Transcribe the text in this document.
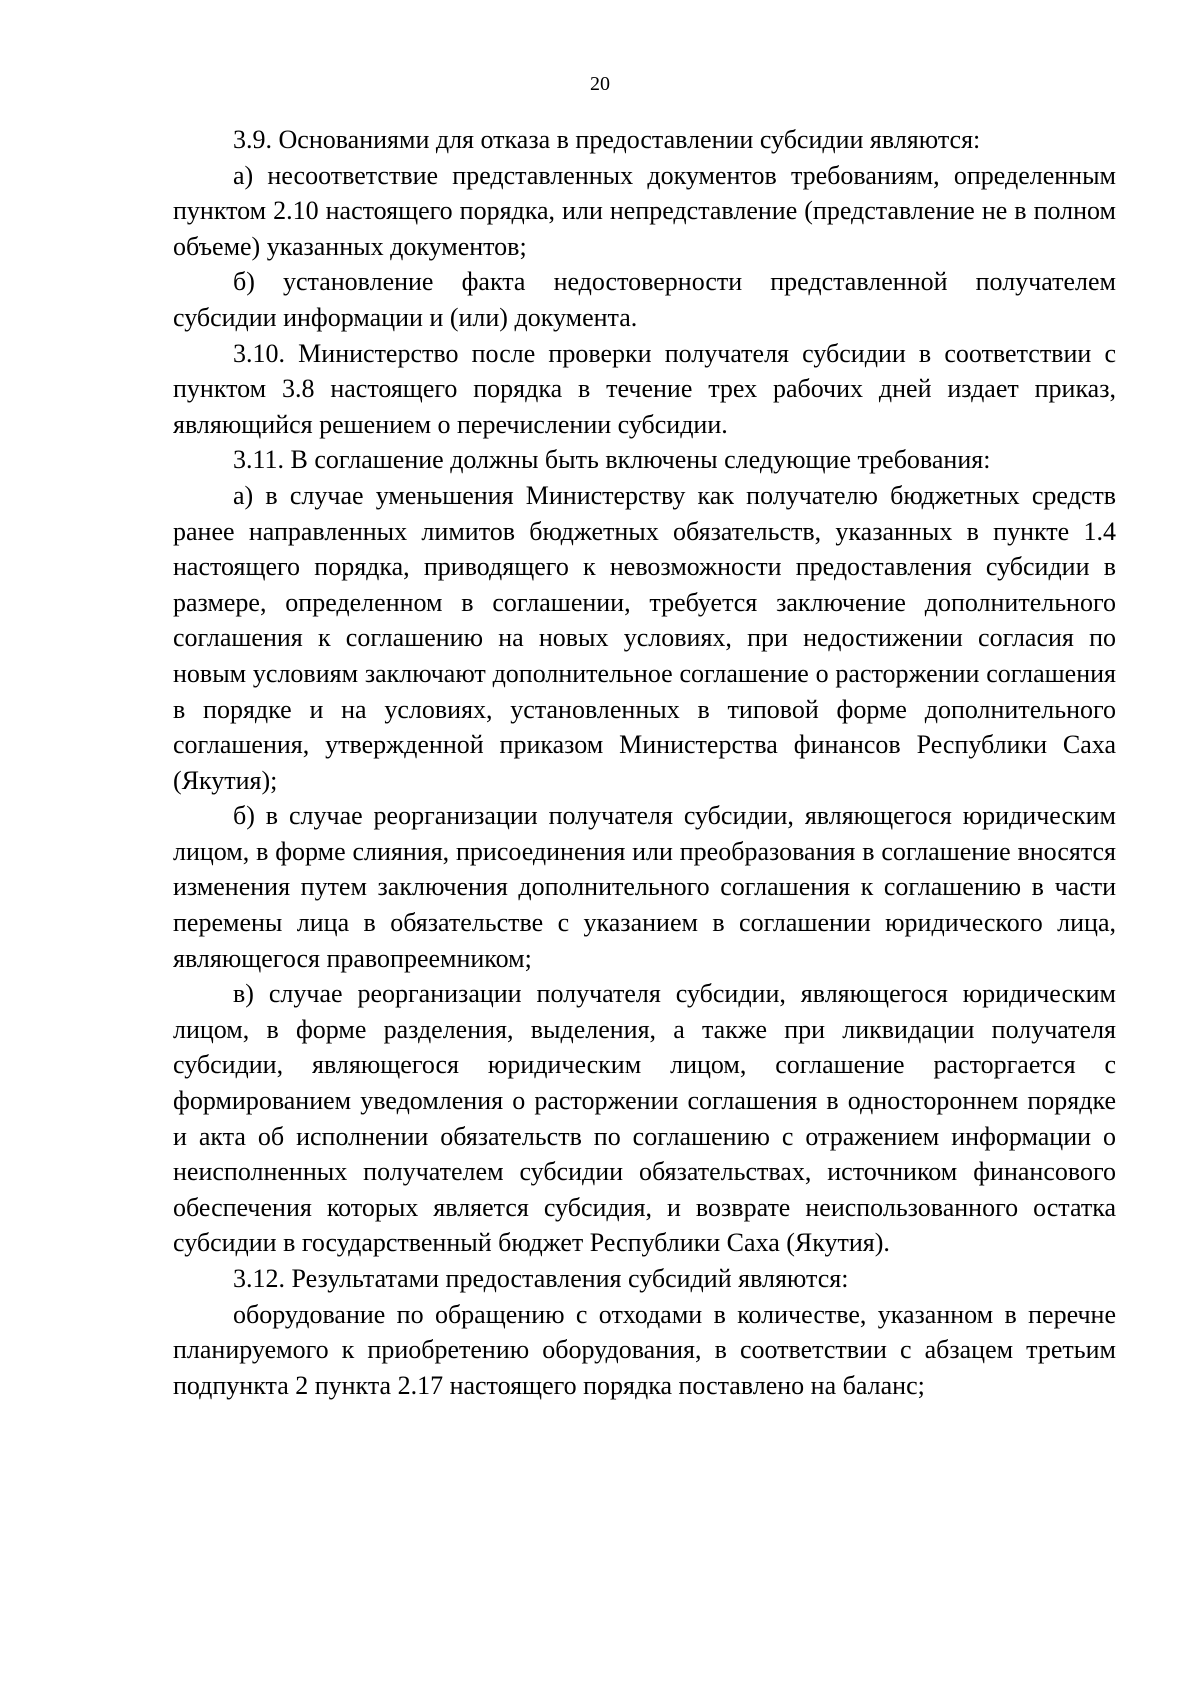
20

3.9. Основаниями для отказа в предоставлении субсидии являются:

а) несоответствие представленных документов требованиям, определенным пунктом 2.10 настоящего порядка, или непредставление (представление не в полном объеме) указанных документов;

б) установление факта недостоверности представленной получателем субсидии информации и (или) документа.

3.10. Министерство после проверки получателя субсидии в соответствии с пунктом 3.8 настоящего порядка в течение трех рабочих дней издает приказ, являющийся решением о перечислении субсидии.

3.11. В соглашение должны быть включены следующие требования:

а) в случае уменьшения Министерству как получателю бюджетных средств ранее направленных лимитов бюджетных обязательств, указанных в пункте 1.4 настоящего порядка, приводящего к невозможности предоставления субсидии в размере, определенном в соглашении, требуется заключение дополнительного соглашения к соглашению на новых условиях, при недостижении согласия по новым условиям заключают дополнительное соглашение о расторжении соглашения в порядке и на условиях, установленных в типовой форме дополнительного соглашения, утвержденной приказом Министерства финансов Республики Саха (Якутия);

б) в случае реорганизации получателя субсидии, являющегося юридическим лицом, в форме слияния, присоединения или преобразования в соглашение вносятся изменения путем заключения дополнительного соглашения к соглашению в части перемены лица в обязательстве с указанием в соглашении юридического лица, являющегося правопреемником;

в) случае реорганизации получателя субсидии, являющегося юридическим лицом, в форме разделения, выделения, а также при ликвидации получателя субсидии, являющегося юридическим лицом, соглашение расторгается с формированием уведомления о расторжении соглашения в одностороннем порядке и акта об исполнении обязательств по соглашению с отражением информации о неисполненных получателем субсидии обязательствах, источником финансового обеспечения которых является субсидия, и возврате неиспользованного остатка субсидии в государственный бюджет Республики Саха (Якутия).

3.12. Результатами предоставления субсидий являются:

оборудование по обращению с отходами в количестве, указанном в перечне планируемого к приобретению оборудования, в соответствии с абзацем третьим подпункта 2 пункта 2.17 настоящего порядка поставлено на баланс;
